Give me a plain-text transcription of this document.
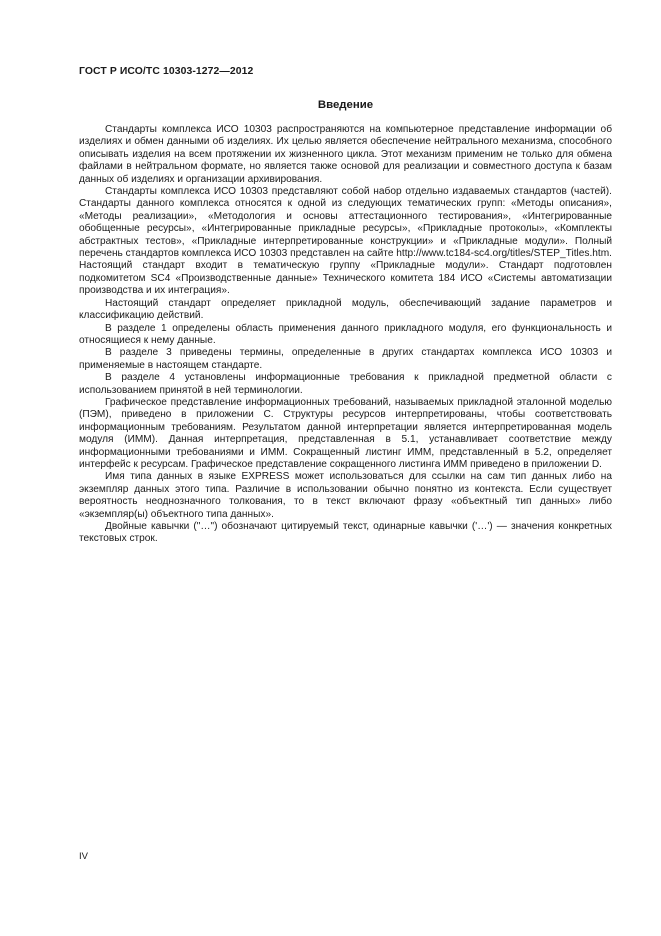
ГОСТ Р ИСО/ТС 10303-1272—2012
Введение

Стандарты комплекса ИСО 10303 распространяются на компьютерное представление информации об изделиях и обмен данными об изделиях. Их целью является обеспечение нейтрального механизма, способного описывать изделия на всем протяжении их жизненного цикла. Этот механизм применим не только для обмена файлами в нейтральном формате, но является также основой для реализации и совместного доступа к базам данных об изделиях и организации архивирования.

Стандарты комплекса ИСО 10303 представляют собой набор отдельно издаваемых стандартов (частей). Стандарты данного комплекса относятся к одной из следующих тематических групп: «Методы описания», «Методы реализации», «Методология и основы аттестационного тестирования», «Интегрированные обобщенные ресурсы», «Интегрированные прикладные ресурсы», «Прикладные протоколы», «Комплекты абстрактных тестов», «Прикладные интерпретированные конструкции» и «Прикладные модули». Полный перечень стандартов комплекса ИСО 10303 представлен на сайте http://www.tc184-sc4.org/titles/STEP_Titles.htm. Настоящий стандарт входит в тематическую группу «Прикладные модули». Стандарт подготовлен подкомитетом SC4 «Производственные данные» Технического комитета 184 ИСО «Системы автоматизации производства и их интеграция».

Настоящий стандарт определяет прикладной модуль, обеспечивающий задание параметров и классификацию действий.

В разделе 1 определены область применения данного прикладного модуля, его функциональность и относящиеся к нему данные.

В разделе 3 приведены термины, определенные в других стандартах комплекса ИСО 10303 и применяемые в настоящем стандарте.

В разделе 4 установлены информационные требования к прикладной предметной области с использованием принятой в ней терминологии.

Графическое представление информационных требований, называемых прикладной эталонной моделью (ПЭМ), приведено в приложении С. Структуры ресурсов интерпретированы, чтобы соответствовать информационным требованиям. Результатом данной интерпретации является интерпретированная модель модуля (ИММ). Данная интерпретация, представленная в 5.1, устанавливает соответствие между информационными требованиями и ИММ. Сокращенный листинг ИММ, представленный в 5.2, определяет интерфейс к ресурсам. Графическое представление сокращенного листинга ИММ приведено в приложении D.

Имя типа данных в языке EXPRESS может использоваться для ссылки на сам тип данных либо на экземпляр данных этого типа. Различие в использовании обычно понятно из контекста. Если существует вероятность неоднозначного толкования, то в текст включают фразу «объектный тип данных» либо «экземпляр(ы) объектного типа данных».

Двойные кавычки ("…") обозначают цитируемый текст, одинарные кавычки ('…') — значения конкретных текстовых строк.

IV
